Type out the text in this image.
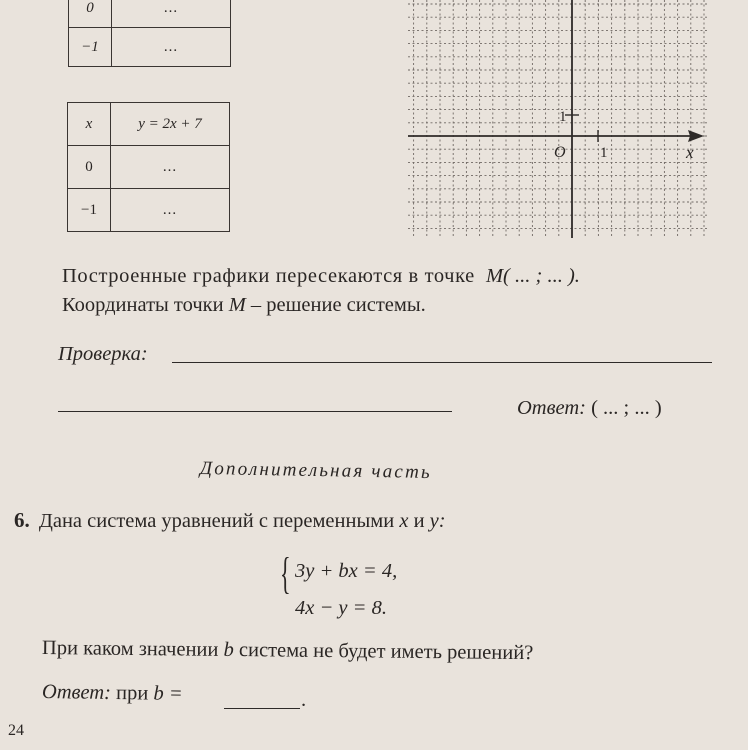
0	...
−1	...
x	y = 2x + 7
0	...
−1	...
O 1
1
x
Построенные графики пересекаются в точке M( ... ; ... ).
Координаты точки M – решение системы.
Проверка:
Ответ: ( ... ; ... )
Дополнительная часть
6. Дана система уравнений с переменными x и y:
{ 3y + bx = 4,
4x − y = 8.
При каком значении b система не будет иметь решений?
Ответ: при b =	.
24
